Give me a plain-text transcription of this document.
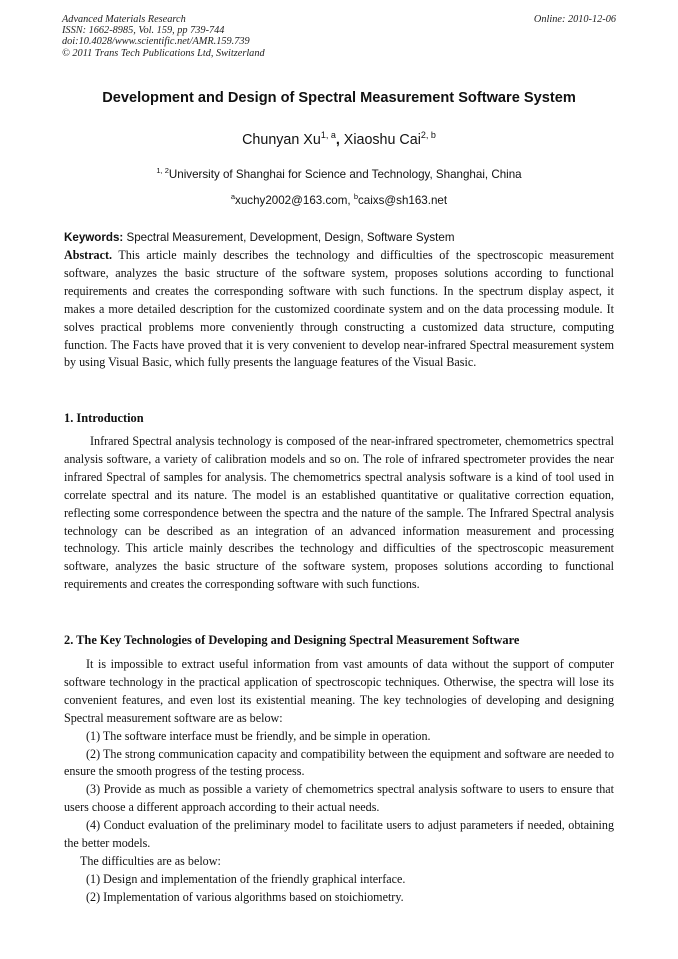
Advanced Materials Research
ISSN: 1662-8985, Vol. 159, pp 739-744
doi:10.4028/www.scientific.net/AMR.159.739
© 2011 Trans Tech Publications Ltd, Switzerland
Online: 2010-12-06
Development and Design of Spectral Measurement Software System
Chunyan Xu$^{1, a}$, Xiaoshu Cai$^{2, b}$
$^{1, 2}$University of Shanghai for Science and Technology, Shanghai, China
$^a$xuchy2002@163.com, $^b$caixs@sh163.net
Keywords: Spectral Measurement, Development, Design, Software System

Abstract. This article mainly describes the technology and difficulties of the spectroscopic measurement software, analyzes the basic structure of the software system, proposes solutions according to functional requirements and creates the corresponding software with such functions. In the spectrum display aspect, it makes a more detailed description for the customized coordinate system and on the data processing module. It solves practical problems more conveniently through constructing a customized data structure, computing function. The Facts have proved that it is very convenient to develop near-infrared Spectral measurement system by using Visual Basic, which fully presents the language features of the Visual Basic.

1. Introduction

Infrared Spectral analysis technology is composed of the near-infrared spectrometer, chemometrics spectral analysis software, a variety of calibration models and so on. The role of infrared spectrometer provides the near infrared Spectral of samples for analysis. The chemometrics spectral analysis software is a kind of tool used in correlate spectral and its nature. The model is an established quantitative or qualitative correction equation, reflecting some correspondence between the spectra and the nature of the sample. The Infrared Spectral analysis technology can be described as an integration of an advanced information measurement and processing technology. This article mainly describes the technology and difficulties of the spectroscopic measurement software, analyzes the basic structure of the software system, proposes solutions according to functional requirements and creates the corresponding software with such functions.

2. The Key Technologies of Developing and Designing Spectral Measurement Software

It is impossible to extract useful information from vast amounts of data without the support of computer software technology in the practical application of spectroscopic techniques. Otherwise, the spectra will lose its convenient features, and even lost its existential meaning. The key technologies of developing and designing Spectral measurement software are as below:

(1) The software interface must be friendly, and be simple in operation.

(2) The strong communication capacity and compatibility between the equipment and software are needed to ensure the smooth progress of the testing process.

(3) Provide as much as possible a variety of chemometrics spectral analysis software to users to ensure that users choose a different approach according to their actual needs.

(4) Conduct evaluation of the preliminary model to facilitate users to adjust parameters if needed, obtaining the better models.

The difficulties are as below:

(1) Design and implementation of the friendly graphical interface.

(2) Implementation of various algorithms based on stoichiometry.
